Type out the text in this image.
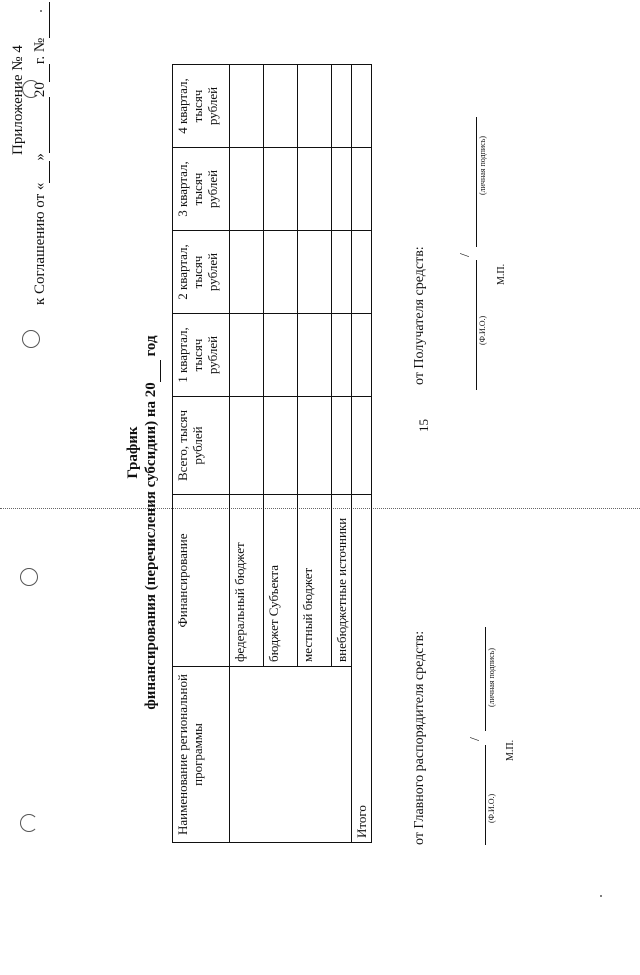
15
Приложение № 4
к Соглашению от « » 20 г. №
График финансирования (перечисления субсидии) на 20  год
Наименование региональной программы	Финансирование	Всего, тысяч рублей	1 квартал, тысяч рублей	2 квартал, тысяч рублей	3 квартал, тысяч рублей	4 квартал, тысяч рублей
	федеральный бюджет					
	бюджет Субъекта					
	местный бюджет					
	внебюджетные источники					
Итого							от Главного распорядителя средств:	/
(Ф.И.О.)
(личная подпись)
М.П.
от Получателя средств: /
(Ф.И.О.)
(личная подпись)
М.П.
